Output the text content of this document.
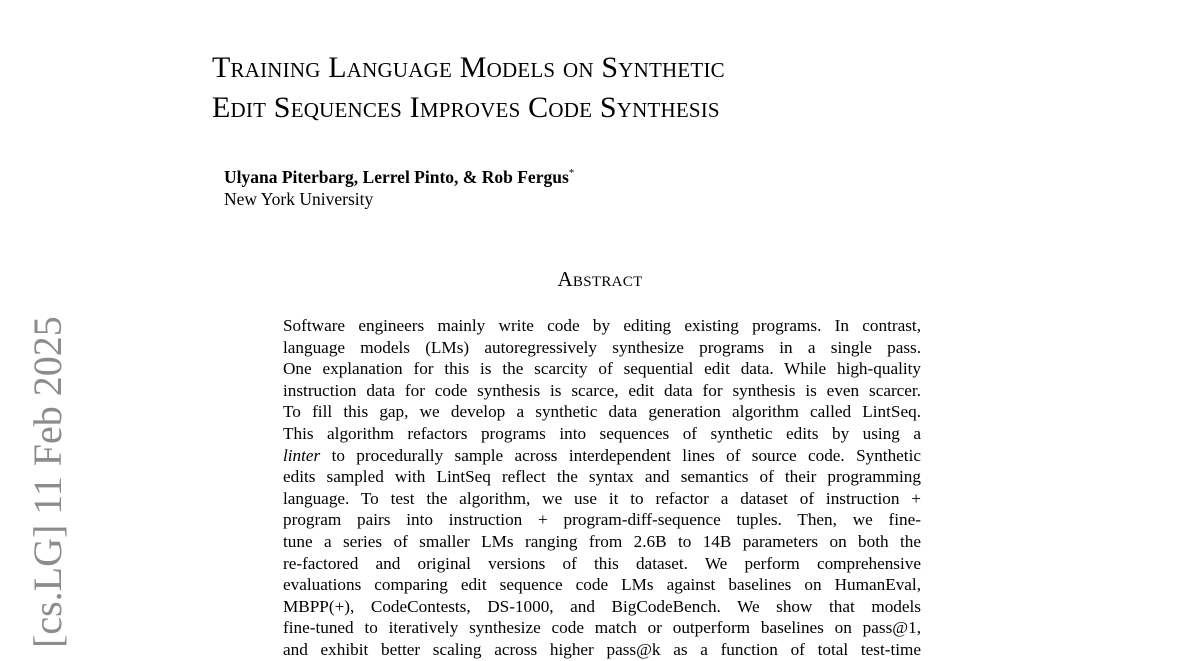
Training Language Models on Synthetic
Edit Sequences Improves Code Synthesis
Ulyana Piterbarg, Lerrel Pinto, & Rob Fergus*
New York University
Abstract
Software engineers mainly write code by editing existing programs. In contrast,
language models (LMs) autoregressively synthesize programs in a single pass.
One explanation for this is the scarcity of sequential edit data. While high-quality
instruction data for code synthesis is scarce, edit data for synthesis is even scarcer.
To fill this gap, we develop a synthetic data generation algorithm called LintSeq.
This algorithm refactors programs into sequences of synthetic edits by using a
linter to procedurally sample across interdependent lines of source code. Synthetic
edits sampled with LintSeq reflect the syntax and semantics of their programming
language. To test the algorithm, we use it to refactor a dataset of instruction +
program pairs into instruction + program-diff-sequence tuples. Then, we fine-
tune a series of smaller LMs ranging from 2.6B to 14B parameters on both the
re-factored and original versions of this dataset. We perform comprehensive
evaluations comparing edit sequence code LMs against baselines on HumanEval,
MBPP(+), CodeContests, DS-1000, and BigCodeBench. We show that models
fine-tuned to iteratively synthesize code match or outperform baselines on pass@1,
and exhibit better scaling across higher pass@k as a function of total test-time
[cs.LG] 11 Feb 2025
